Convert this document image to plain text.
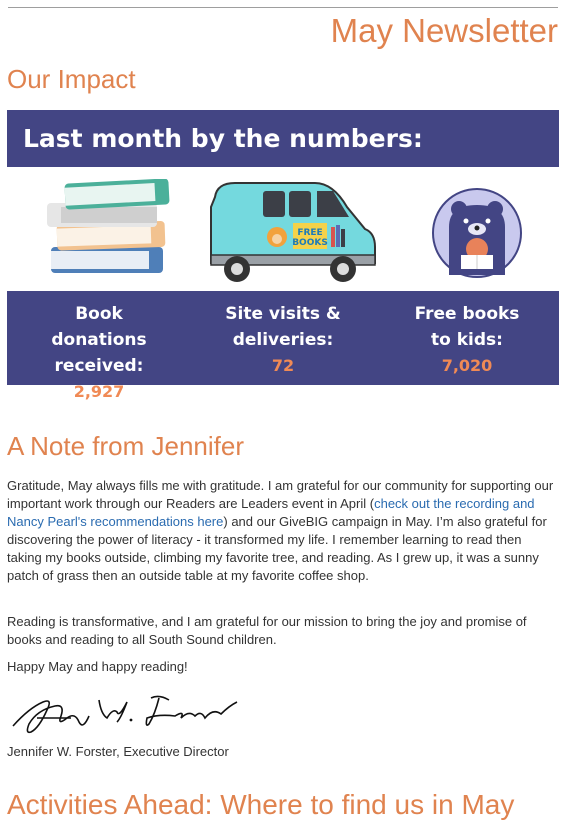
May Newsletter
Our Impact
Last month by the numbers:
FREE
BOOKS
Book donations received:
2,927
Site visits & deliveries:
72
Free books to kids:
7,020
A Note from Jennifer

Gratitude, May always fills me with gratitude. I am grateful for our community for supporting our important work through our Readers are Leaders event in April (check out the recording and Nancy Pearl's recommendations here) and our GiveBIG campaign in May. I’m also grateful for discovering the power of literacy - it transformed my life. I remember learning to read then taking my books outside, climbing my favorite tree, and reading. As I grew up, it was a sunny patch of grass then an outside table at my favorite coffee shop.

Reading is transformative, and I am grateful for our mission to bring the joy and promise of books and reading to all South Sound children.

Happy May and happy reading!

Jennifer W. Forster, Executive Director

Activities Ahead: Where to find us in May
